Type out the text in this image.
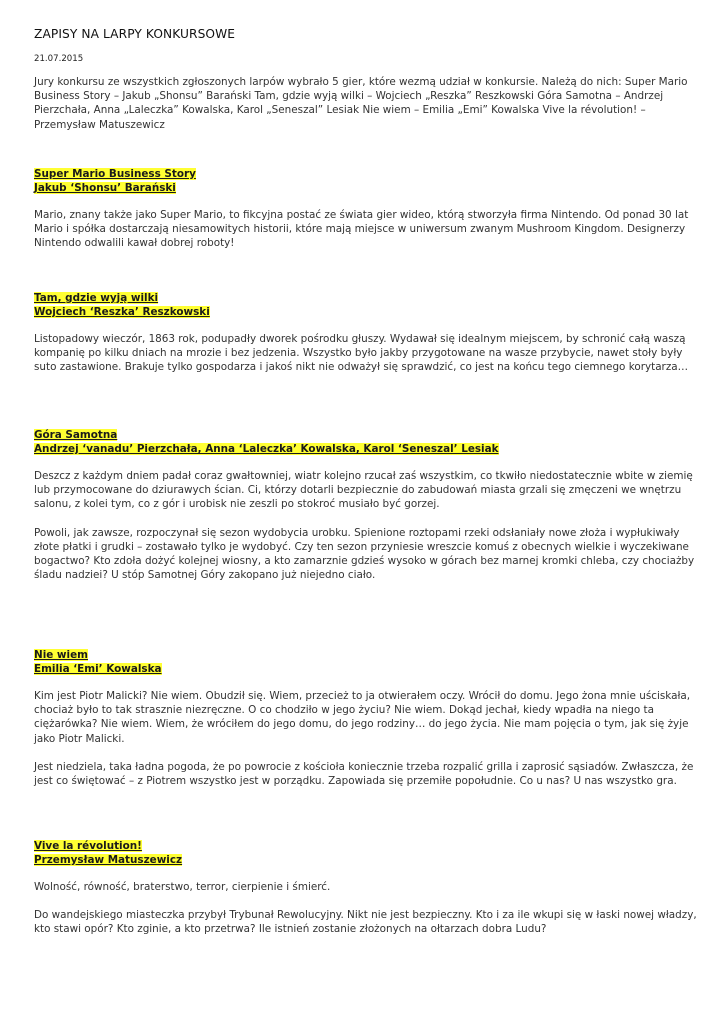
ZAPISY NA LARPY KONKURSOWE
21.07.2015

Jury konkursu ze wszystkich zgłoszonych larpów wybrało 5 gier, które wezmą udział w konkursie. Należą do nich: Super Mario Business Story – Jakub „Shonsu” Barański Tam, gdzie wyją wilki – Wojciech „Reszka” Reszkowski Góra Samotna – Andrzej Pierzchała, Anna „Laleczka” Kowalska, Karol „Seneszal” Lesiak Nie wiem – Emilia „Emi” Kowalska Vive la révolution! – Przemysław Matuszewicz

Super Mario Business Story
Jakub ‘Shonsu’ Barański

Mario, znany także jako Super Mario, to fikcyjna postać ze świata gier wideo, którą stworzyła firma Nintendo. Od ponad 30 lat Mario i spółka dostarczają niesamowitych historii, które mają miejsce w uniwersum zwanym Mushroom Kingdom. Designerzy Nintendo odwalili kawał dobrej roboty!

Tam, gdzie wyją wilki
Wojciech ‘Reszka’ Reszkowski

Listopadowy wieczór, 1863 rok, podupadły dworek pośrodku głuszy. Wydawał się idealnym miejscem, by schronić całą waszą kompanię po kilku dniach na mrozie i bez jedzenia. Wszystko było jakby przygotowane na wasze przybycie, nawet stoły były suto zastawione. Brakuje tylko gospodarza i jakoś nikt nie odważył się sprawdzić, co jest na końcu tego ciemnego korytarza…

Góra Samotna
Andrzej ‘vanadu’ Pierzchała, Anna ‘Laleczka’ Kowalska, Karol ‘Seneszal’ Lesiak

Deszcz z każdym dniem padał coraz gwałtowniej, wiatr kolejno rzucał zaś wszystkim, co tkwiło niedostatecznie wbite w ziemię lub przymocowane do dziurawych ścian. Ci, którzy dotarli bezpiecznie do zabudowań miasta grzali się zmęczeni we wnętrzu salonu, z kolei tym, co z gór i urobisk nie zeszli po stokroć musiało być gorzej.

Powoli, jak zawsze, rozpoczynał się sezon wydobycia urobku. Spienione roztopami rzeki odsłaniały nowe złoża i wypłukiwały złote płatki i grudki – zostawało tylko je wydobyć. Czy ten sezon przyniesie wreszcie komuś z obecnych wielkie i wyczekiwane bogactwo? Kto zdoła dożyć kolejnej wiosny, a kto zamarznie gdzieś wysoko w górach bez marnej kromki chleba, czy chociażby śladu nadziei? U stóp Samotnej Góry zakopano już niejedno ciało.

Nie wiem
Emilia ‘Emi’ Kowalska

Kim jest Piotr Malicki? Nie wiem. Obudził się. Wiem, przecież to ja otwierałem oczy. Wrócił do domu. Jego żona mnie uściskała, chociaż było to tak strasznie niezręczne. O co chodziło w jego życiu? Nie wiem. Dokąd jechał, kiedy wpadła na niego ta ciężarówka? Nie wiem. Wiem, że wróciłem do jego domu, do jego rodziny… do jego życia. Nie mam pojęcia o tym, jak się żyje jako Piotr Malicki.

Jest niedziela, taka ładna pogoda, że po powrocie z kościoła koniecznie trzeba rozpalić grilla i zaprosić sąsiadów. Zwłaszcza, że jest co świętować – z Piotrem wszystko jest w porządku. Zapowiada się przemiłe popołudnie. Co u nas? U nas wszystko gra.

Vive la révolution!
Przemysław Matuszewicz

Wolność, równość, braterstwo, terror, cierpienie i śmierć.

Do wandejskiego miasteczka przybył Trybunał Rewolucyjny. Nikt nie jest bezpieczny. Kto i za ile wkupi się w łaski nowej władzy, kto stawi opór? Kto zginie, a kto przetrwa? Ile istnień zostanie złożonych na ołtarzach dobra Ludu?
